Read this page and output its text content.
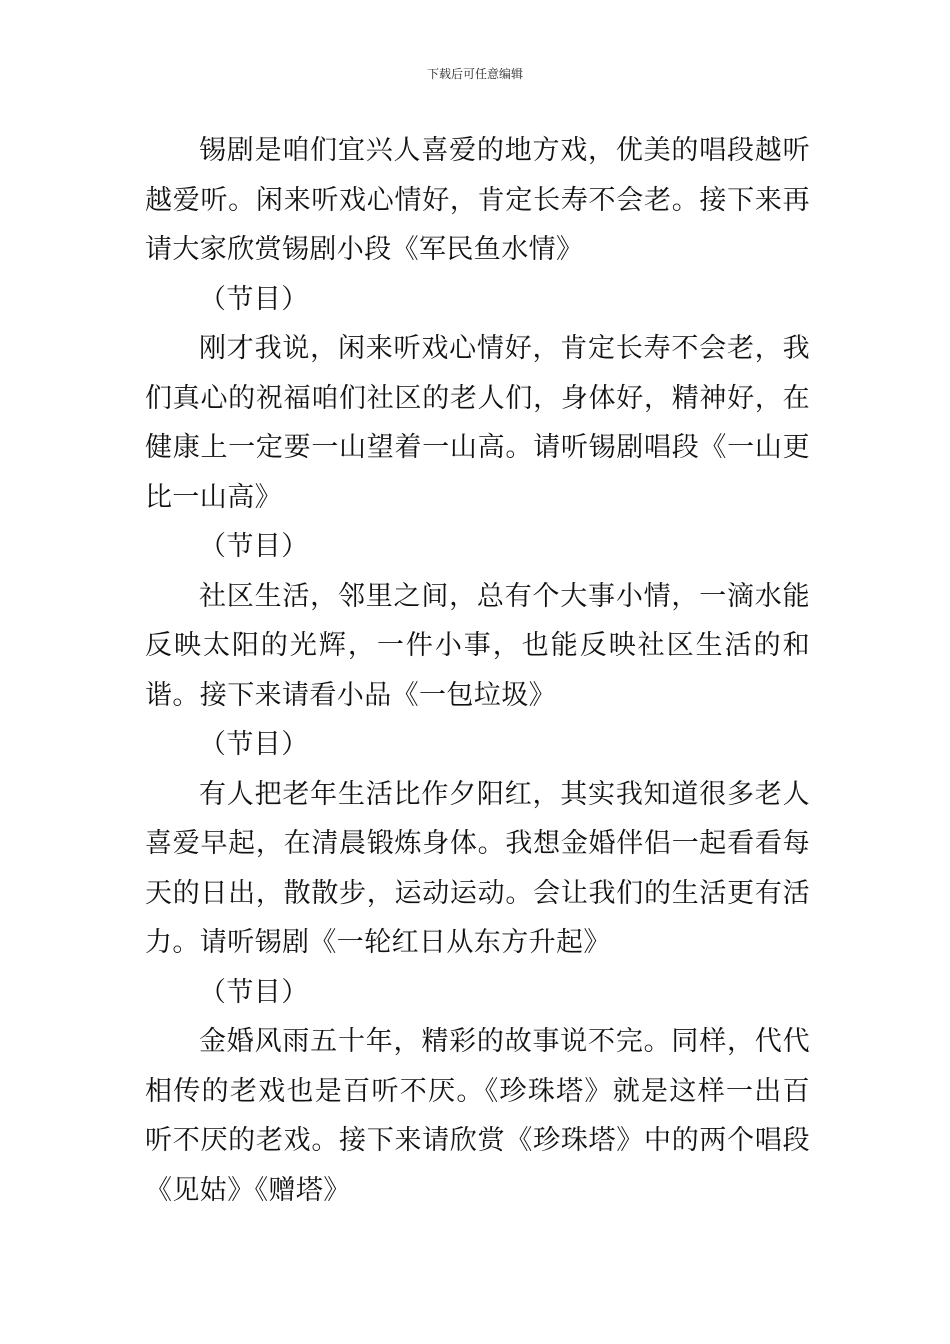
下载后可任意编辑

锡剧是咱们宜兴人喜爱的地方戏，优美的唱段越听越爱听。闲来听戏心情好，肯定长寿不会老。接下来再请大家欣赏锡剧小段《军民鱼水情》

（节目）

刚才我说，闲来听戏心情好，肯定长寿不会老，我们真心的祝福咱们社区的老人们，身体好，精神好，在健康上一定要一山望着一山高。请听锡剧唱段《一山更比一山高》

（节目）

社区生活，邻里之间，总有个大事小情，一滴水能反映太阳的光辉，一件小事，也能反映社区生活的和谐。接下来请看小品《一包垃圾》

（节目）

有人把老年生活比作夕阳红，其实我知道很多老人喜爱早起，在清晨锻炼身体。我想金婚伴侣一起看看每天的日出，散散步，运动运动。会让我们的生活更有活力。请听锡剧《一轮红日从东方升起》

（节目）

金婚风雨五十年，精彩的故事说不完。同样，代代相传的老戏也是百听不厌。《珍珠塔》就是这样一出百听不厌的老戏。接下来请欣赏《珍珠塔》中的两个唱段《见姑》《赠塔》
